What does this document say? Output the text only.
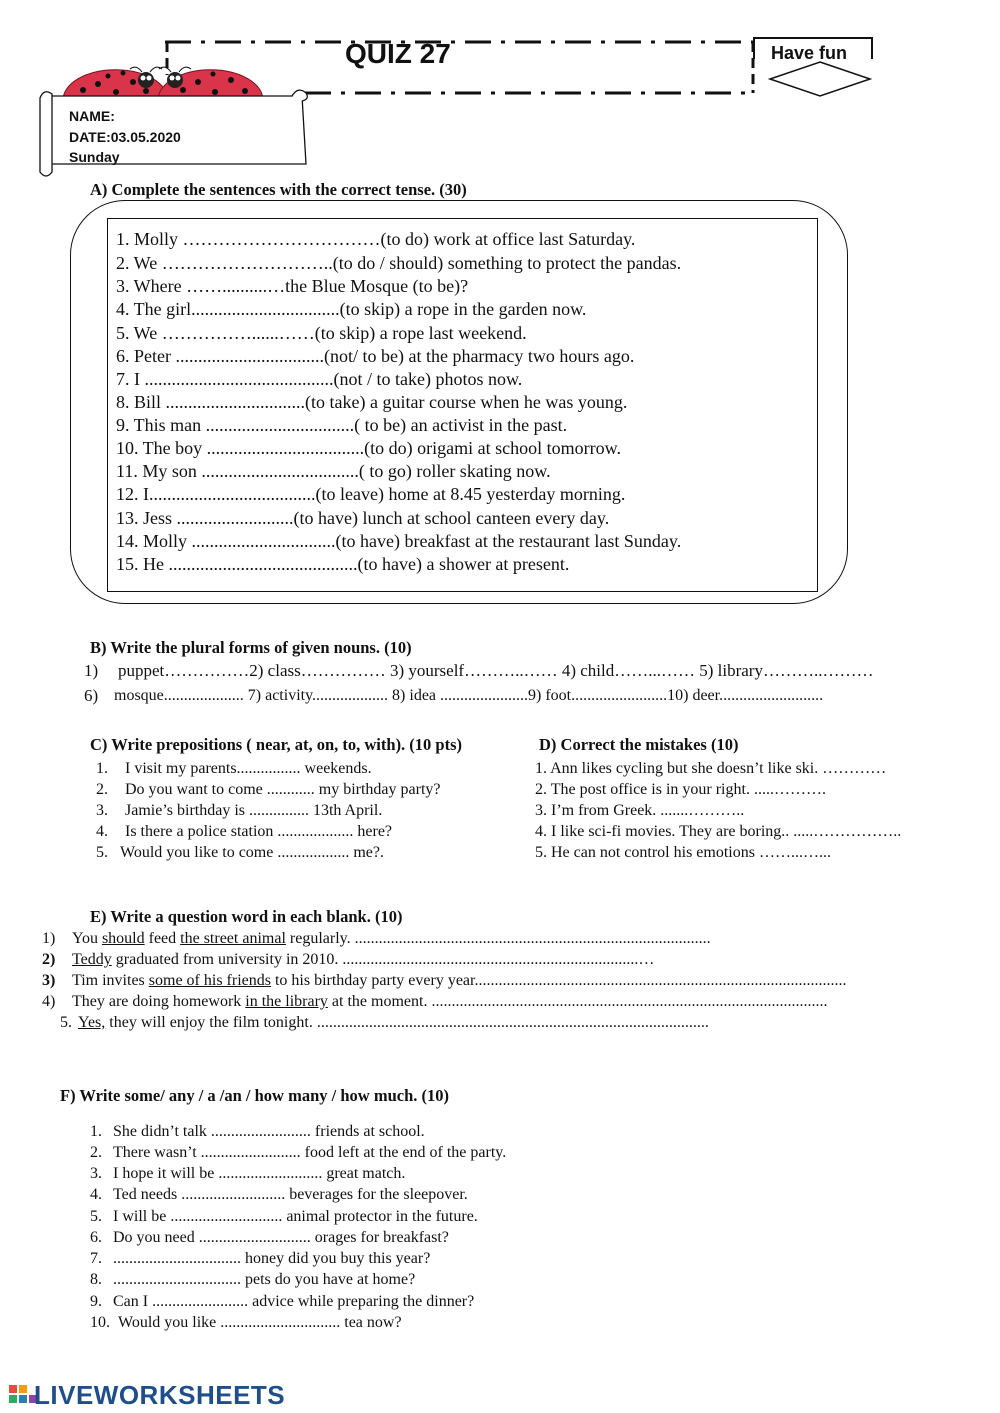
QUIZ 27	Have fun
NAME:
DATE:03.05.2020
Sunday
A) Complete the sentences with the correct tense. (30)
1. Molly ……………………………(to do) work at office last Saturday.
2. We ………………………..(to do / should) something to protect the pandas.
3. Where ……..........…the Blue Mosque (to be)?
4. The girl.................................(to skip) a rope in the garden now.
5. We ……………......……(to skip) a rope last weekend.
6. Peter .................................(not/ to be) at the pharmacy two hours ago.
7. I ..........................................(not / to take) photos now.
8. Bill ...............................(to take) a guitar course when he was young.
9. This man .................................( to be) an activist in the past.
10. The boy ...................................(to do) origami at school tomorrow.
11. My son ...................................( to go) roller skating now.
12. I.....................................(to leave) home at 8.45 yesterday morning.
13. Jess ..........................(to have) lunch at school canteen every day.
14. Molly ................................(to have) breakfast at the restaurant last Sunday.
15. He ..........................................(to have) a shower at present.
B) Write the plural forms of given nouns. (10)
1) puppet……………2) class…………… 3) yourself………..…… 4) child……...…… 5) library………..………
6) mosque.................... 7) activity................... 8) idea ......................9) foot........................10) deer..........................
C) Write prepositions ( near, at, on, to, with). (10 pts)
1. I visit my parents................ weekends.
2. Do you want to come ............ my birthday party?
3. Jamie’s birthday is ............... 13th April.
4. Is there a police station ................... here?
5. Would you like to come .................. me?.
D) Correct the mistakes (10)
1. Ann likes cycling but she doesn’t like ski. …………
2. The post office is in your right. .....……….
3. I’m from Greek. .......………..
4. I like sci-fi movies. They are boring.. .....……………..
5. He can not control his emotions ……...…...
E) Write a question word in each blank. (10)
1) You should feed the street animal regularly. .........................................................................................
2) Teddy graduated from university in 2010. ..........................................................................…
3) Tim invites some of his friends to his birthday party every year.............................................................................................
4) They are doing homework in the library at the moment. ...................................................................................................
5. Yes, they will enjoy the film tonight. ..................................................................................................
F) Write some/ any / a /an / how many / how much. (10)
1. She didn’t talk ......................... friends at school.
2. There wasn’t ......................... food left at the end of the party.
3. I hope it will be .......................... great match.
4. Ted needs .......................... beverages for the sleepover.
5. I will be ............................ animal protector in the future.
6. Do you need ............................ orages for breakfast?
7. ................................ honey did you buy this year?
8. ................................ pets do you have at home?
9. Can I ........................ advice while preparing the dinner?
10. Would you like .............................. tea now?
LIVEWORKSHEETS
